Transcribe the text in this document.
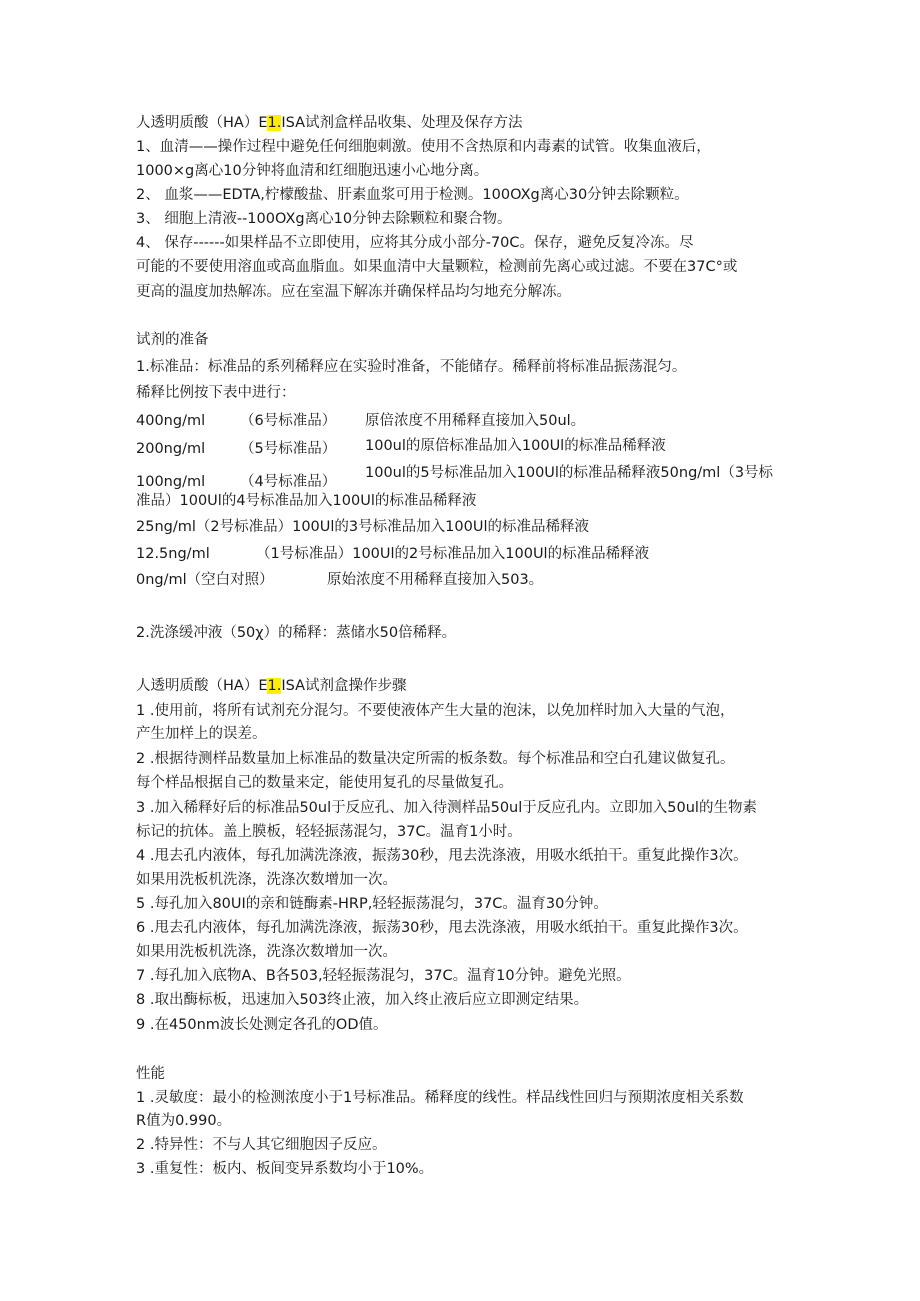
人透明质酸（HA）E1.ISA试剂盒样品收集、处理及保存方法
1、血清——操作过程中避免任何细胞刺激。使用不含热原和内毒素的试管。收集血液后，
1000×g离心10分钟将血清和红细胞迅速小心地分离。
2、 血浆——EDTA,柠檬酸盐、肝素血浆可用于检测。100OXg离心30分钟去除颗粒。
3、 细胞上清液--100OXg离心10分钟去除颗粒和聚合物。
4、 保存------如果样品不立即使用，应将其分成小部分-70C。保存，避免反复冷冻。尽
可能的不要使用溶血或高血脂血。如果血清中大量颗粒，检测前先离心或过滤。不要在37C°或
更高的温度加热解冻。应在室温下解冻并确保样品均匀地充分解冻。
试剂的准备
1.标准品：标准品的系列稀释应在实验时准备，不能储存。稀释前将标准品振荡混匀。
稀释比例按下表中进行：
400ng/ml （6号标准品） 原倍浓度不用稀释直接加入50ul。
200ng/ml （5号标准品） 100ul的原倍标准品加入100Ul的标准品稀释液
100ng/ml （4号标准品）
100ul的5号标准品加入100Ul的标准品稀释液50ng/ml（3号标
准品）100Ul的4号标准品加入100Ul的标准品稀释液
25ng/ml（2号标准品）100Ul的3号标准品加入100Ul的标准品稀释液
12.5ng/ml	（1号标准品）100Ul的2号标准品加入100Ul的标准品稀释液
0ng/ml（空白对照）	原始浓度不用稀释直接加入503。
2.洗涤缓冲液（50χ）的稀释：蒸储水50倍稀释。
人透明质酸（HA）E1.ISA试剂盒操作步骤
1 .使用前，将所有试剂充分混匀。不要使液体产生大量的泡沫，以免加样时加入大量的气泡，
产生加样上的误差。
2 .根据待测样品数量加上标准品的数量决定所需的板条数。每个标准品和空白孔建议做复孔。
每个样品根据自己的数量来定，能使用复孔的尽量做复孔。
3 .加入稀释好后的标准品50ul于反应孔、加入待测样品50ul于反应孔内。立即加入50ul的生物素
标记的抗体。盖上膜板，轻轻振荡混匀，37C。温育1小时。
4 .甩去孔内液体，每孔加满洗涤液，振荡30秒，甩去洗涤液，用吸水纸拍干。重复此操作3次。
如果用洗板机洗涤，洗涤次数增加一次。
5 .每孔加入80UI的亲和链酶素-HRP,轻轻振荡混匀，37C。温育30分钟。
6 .甩去孔内液体，每孔加满洗涤液，振荡30秒，甩去洗涤液，用吸水纸拍干。重复此操作3次。
如果用洗板机洗涤，洗涤次数增加一次。
7 .每孔加入底物A、B各503,轻轻振荡混匀，37C。温育10分钟。避免光照。
8 .取出酶标板，迅速加入503终止液，加入终止液后应立即测定结果。
9 .在450nm波长处测定各孔的OD值。
性能
1 .灵敏度：最小的检测浓度小于1号标准品。稀释度的线性。样品线性回归与预期浓度相关系数
R值为0.990。
2 .特异性：不与人其它细胞因子反应。
3 .重复性：板内、板间变异系数均小于10%。
